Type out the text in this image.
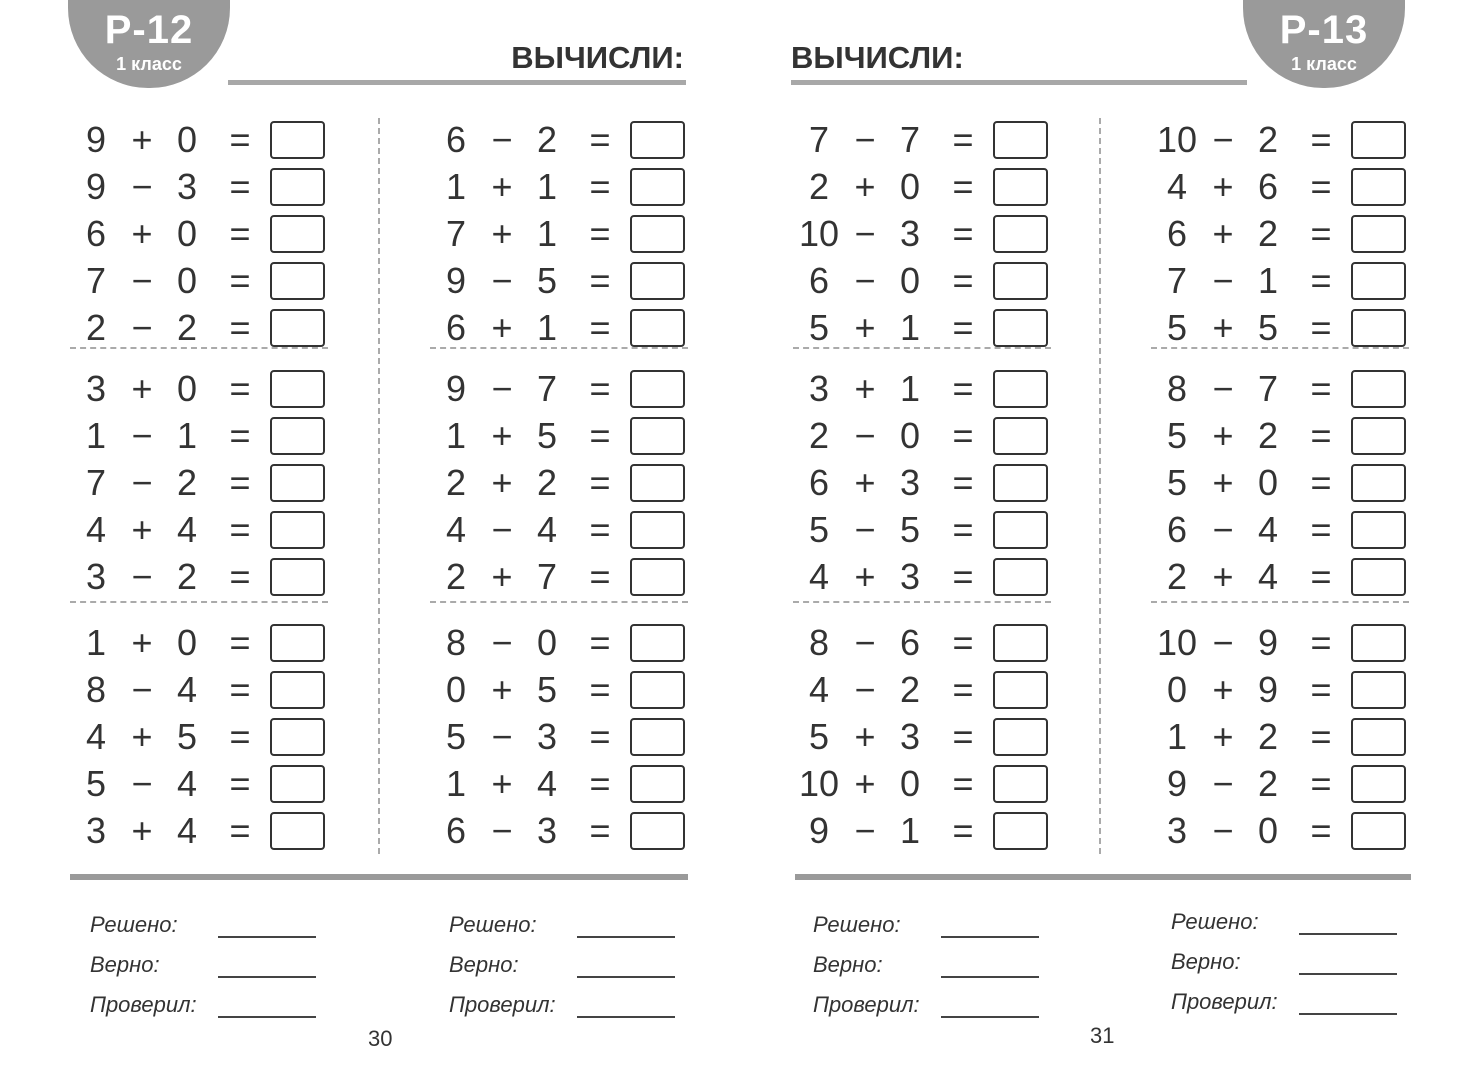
Р-12
1 класс	ВЫЧИСЛИ:
9 + 0 =
9 − 3 =
6 + 0 =
7 − 0 =
2 − 2 =
3 + 0 =
1 − 1 =
7 − 2 =
4 + 4 =
3 − 2 =
1 + 0 =
8 − 4 =
4 + 5 =
5 − 4 =
3 + 4 =
6 − 2 =
1 + 1 =
7 + 1 =
9 − 5 =
6 + 1 =
9 − 7 =
1 + 5 =
2 + 2 =
4 − 4 =
2 + 7 =
8 − 0 =
0 + 5 =
5 − 3 =
1 + 4 =
6 − 3 =
Решено:
Верно:
Проверил:
Решено:
Верно:
Проверил:
30
Р-13
1 класс
ВЫЧИСЛИ:
7 − 7 =
2 + 0 =
10 − 3 =
6 − 0 =
5 + 1 =
3 + 1 =
2 − 0 =
6 + 3 =
5 − 5 =
4 + 3 =
8 − 6 =
4 − 2 =
5 + 3 =
10 + 0 =
9 − 1 =
10 − 2 =
4 + 6 =
6 + 2 =
7 − 1 =
5 + 5 =
8 − 7 =
5 + 2 =
5 + 0 =
6 − 4 =
2 + 4 =
10 − 9 =
0 + 9 =
1 + 2 =
9 − 2 =
3 − 0 =
Решено:
Верно:
Проверил:
Решено:
Верно:
Проверил:
31
